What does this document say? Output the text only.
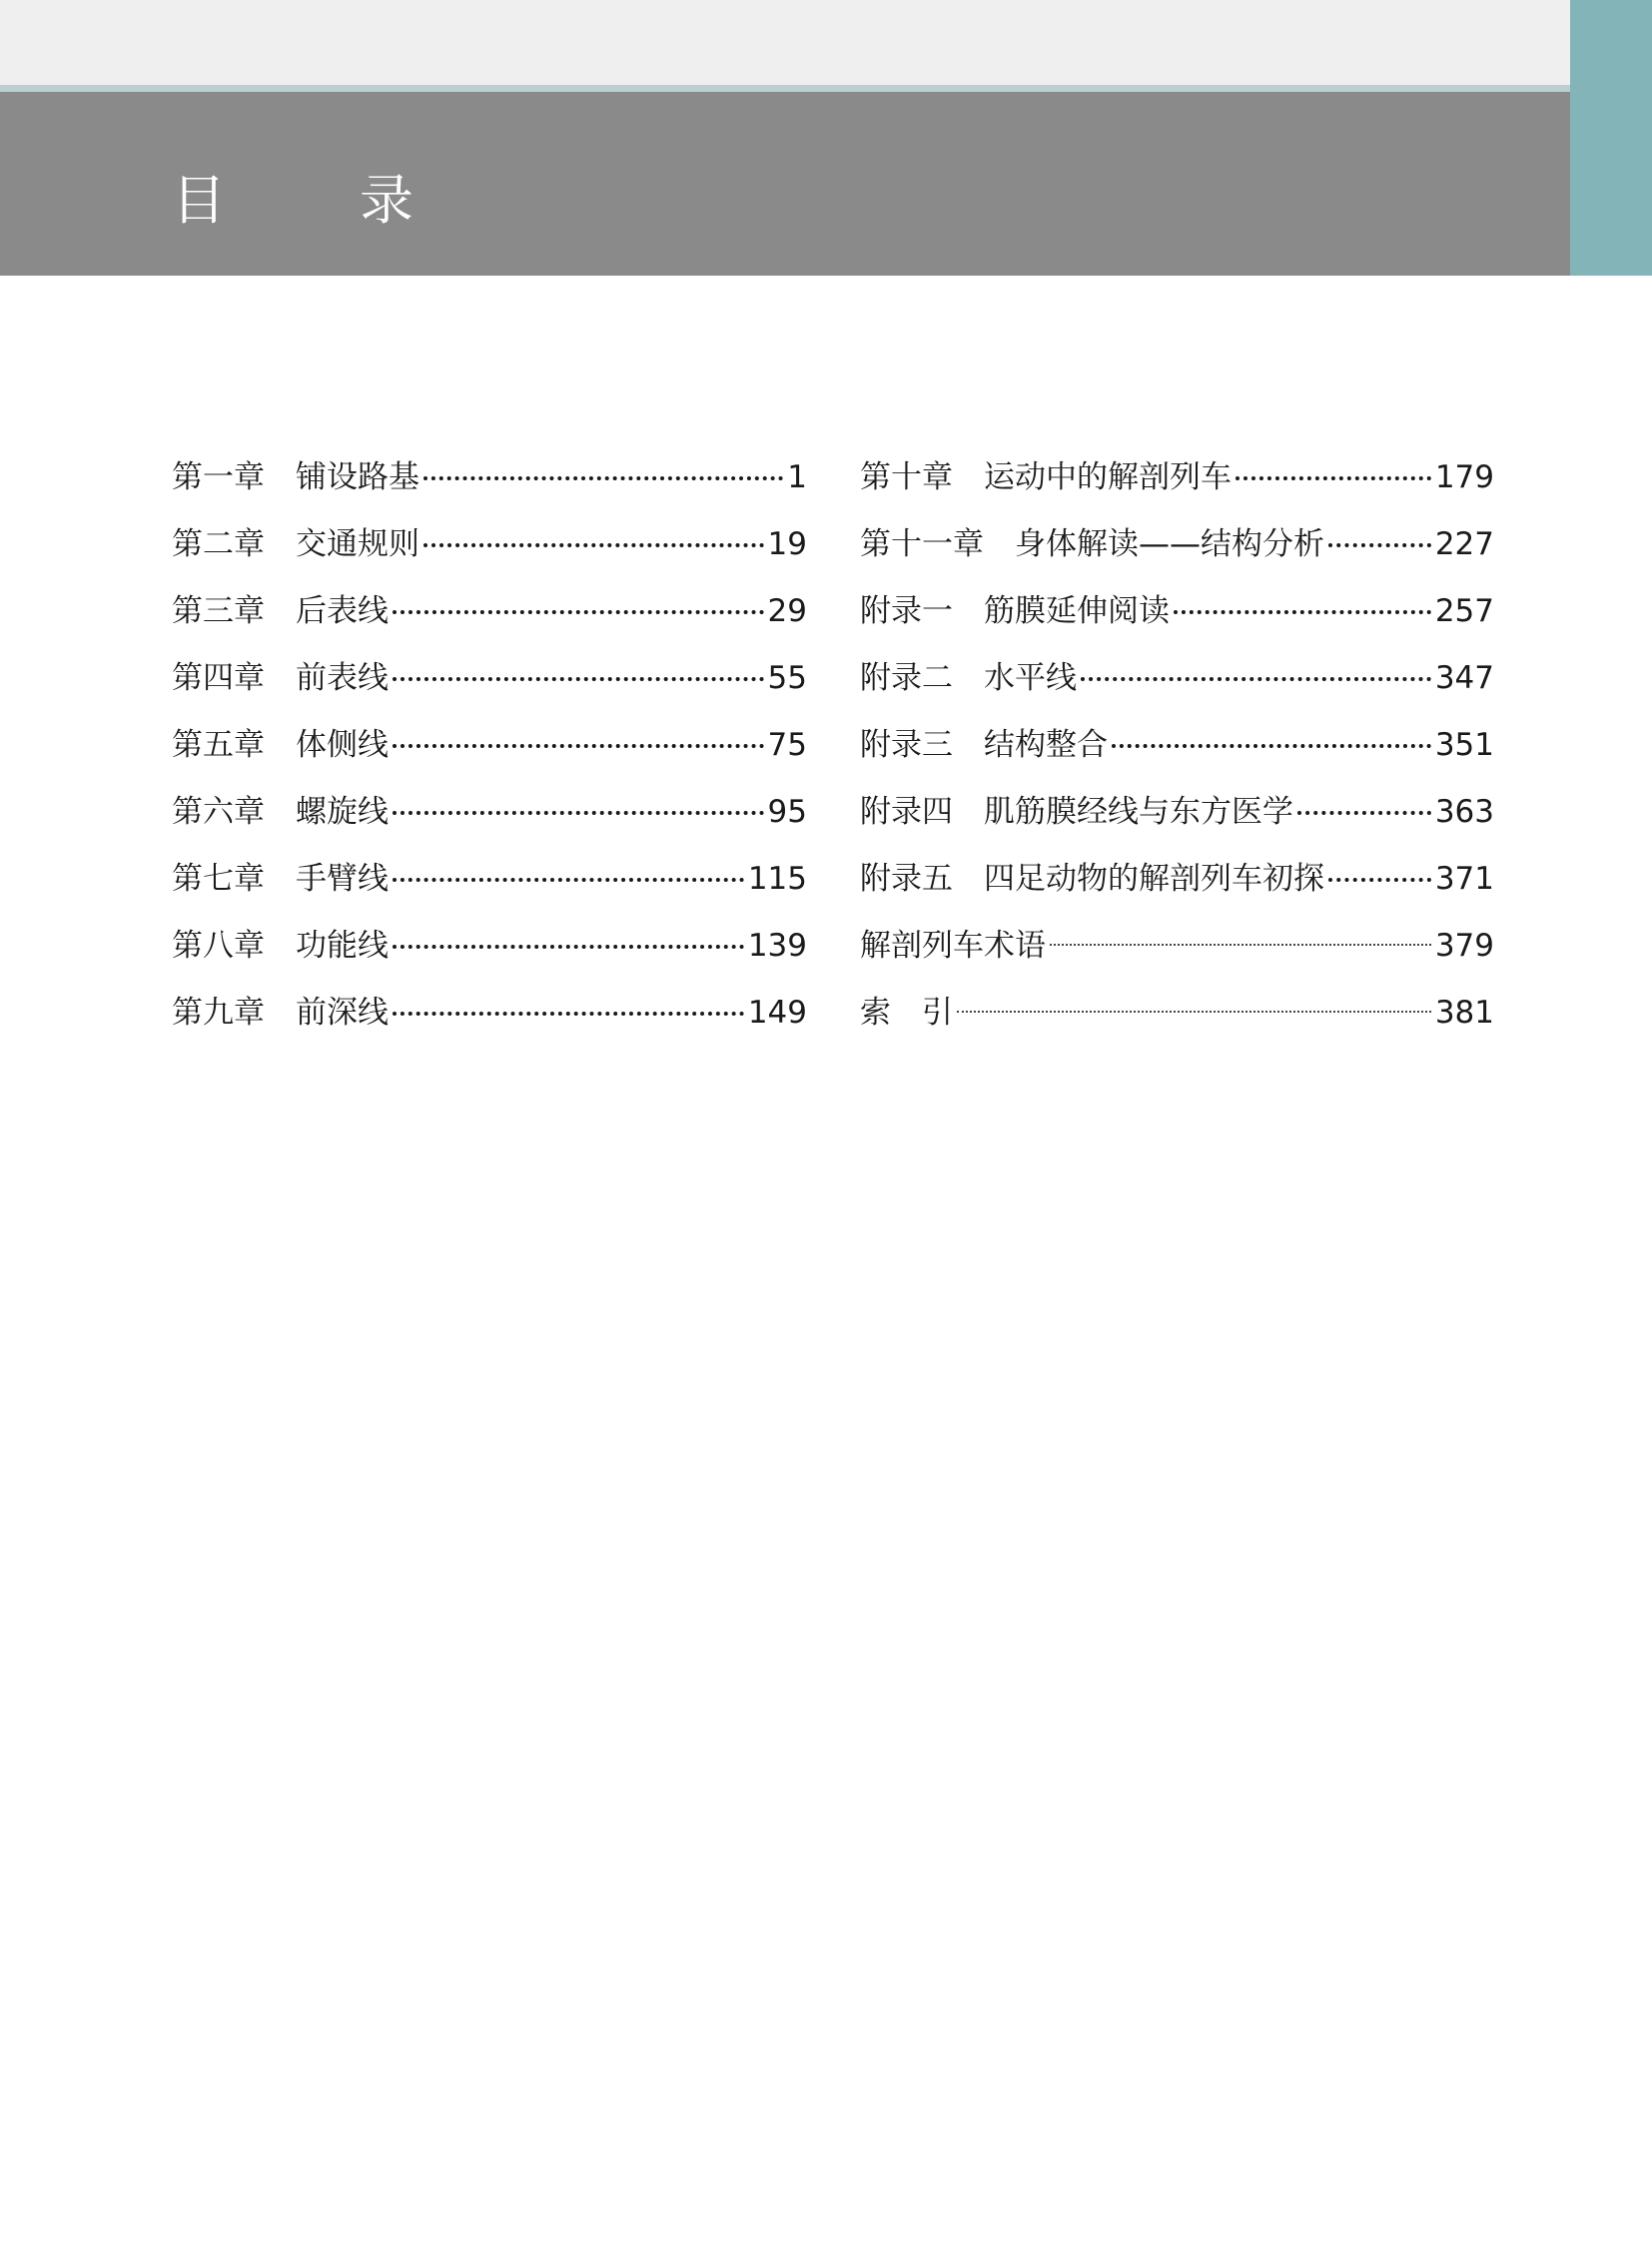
目　录
第一章 铺设路基	1
第二章 交通规则	19
第三章 后表线	29
第四章 前表线	55
第五章 体侧线	75
第六章 螺旋线	95
第七章 手臂线	115
第八章 功能线	139
第九章 前深线	149
第十章 运动中的解剖列车	179
第十一章 身体解读——结构分析	227
附录一 筋膜延伸阅读	257
附录二 水平线	347
附录三 结构整合	351
附录四 肌筋膜经线与东方医学	363
附录五 四足动物的解剖列车初探	371
解剖列车术语	379
索　引	381
